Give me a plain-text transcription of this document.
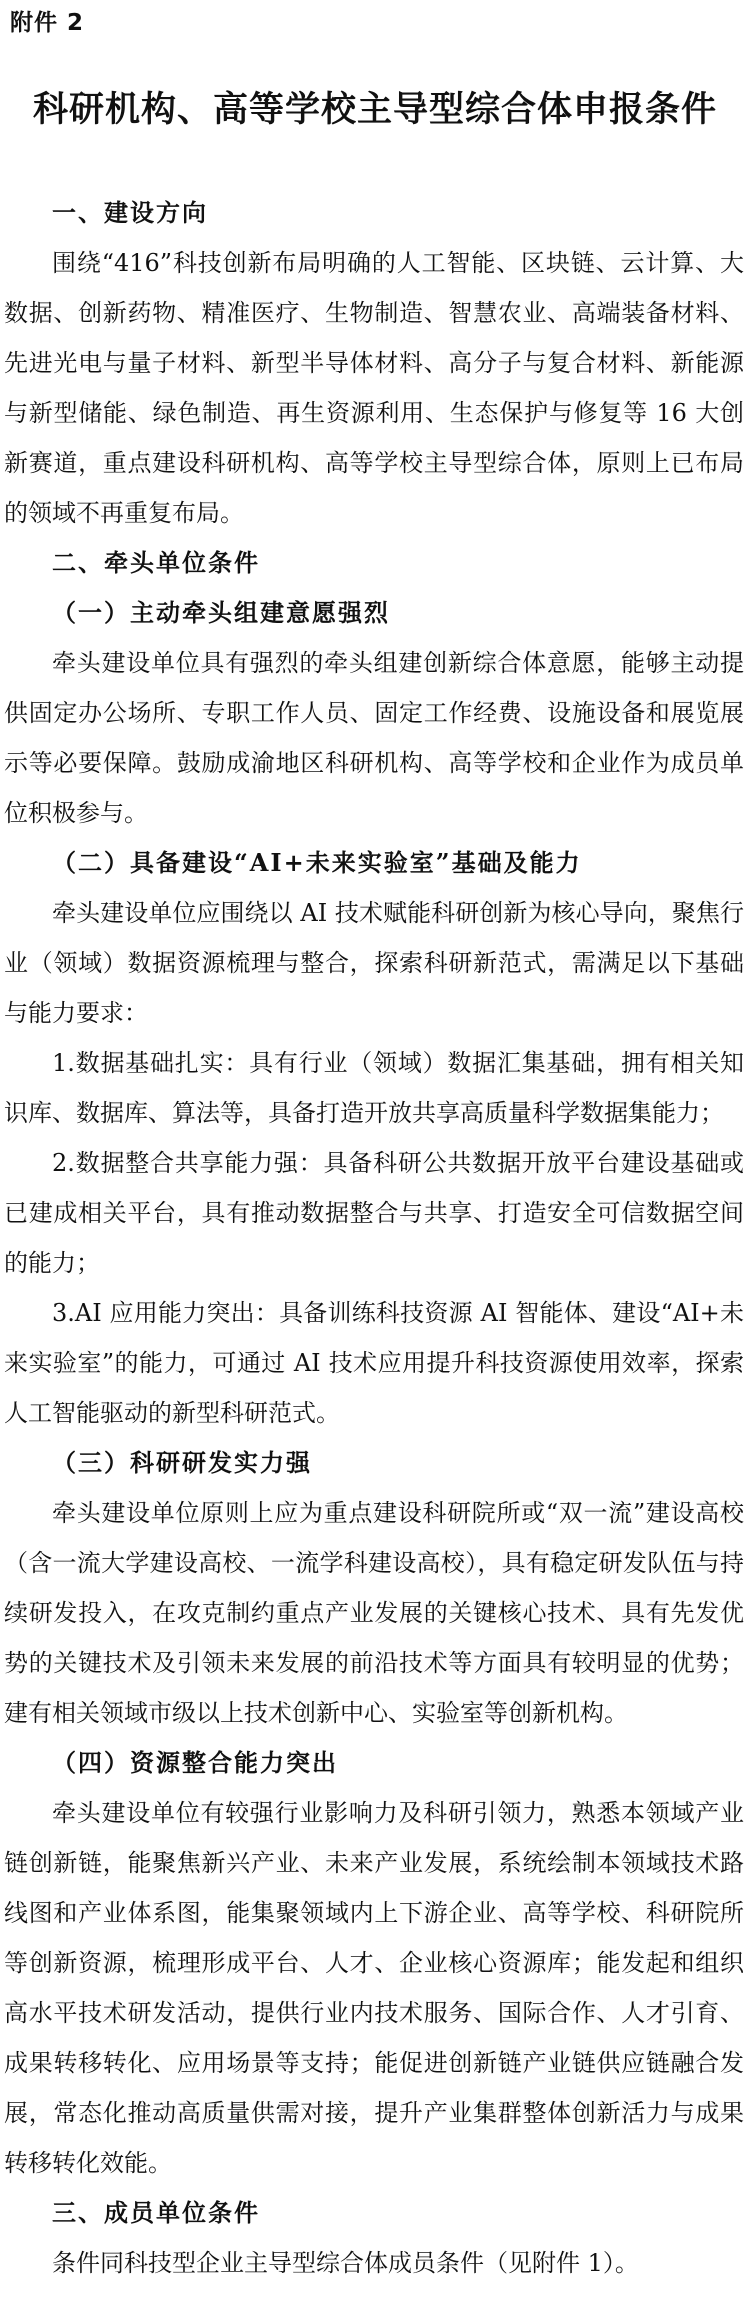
附件 2
科研机构、高等学校主导型综合体申报条件

一、建设方向

围绕“416”科技创新布局明确的人工智能、区块链、云计算、大数据、创新药物、精准医疗、生物制造、智慧农业、高端装备材料、先进光电与量子材料、新型半导体材料、高分子与复合材料、新能源与新型储能、绿色制造、再生资源利用、生态保护与修复等 16 大创新赛道，重点建设科研机构、高等学校主导型综合体，原则上已布局的领域不再重复布局。

二、牵头单位条件

（一）主动牵头组建意愿强烈

牵头建设单位具有强烈的牵头组建创新综合体意愿，能够主动提供固定办公场所、专职工作人员、固定工作经费、设施设备和展览展示等必要保障。鼓励成渝地区科研机构、高等学校和企业作为成员单位积极参与。

（二）具备建设“AI+未来实验室”基础及能力

牵头建设单位应围绕以 AI 技术赋能科研创新为核心导向，聚焦行业（领域）数据资源梳理与整合，探索科研新范式，需满足以下基础与能力要求：

1.数据基础扎实：具有行业（领域）数据汇集基础，拥有相关知识库、数据库、算法等，具备打造开放共享高质量科学数据集能力；

2.数据整合共享能力强：具备科研公共数据开放平台建设基础或已建成相关平台，具有推动数据整合与共享、打造安全可信数据空间的能力；

3.AI 应用能力突出：具备训练科技资源 AI 智能体、建设“AI+未来实验室”的能力，可通过 AI 技术应用提升科技资源使用效率，探索人工智能驱动的新型科研范式。

（三）科研研发实力强

牵头建设单位原则上应为重点建设科研院所或“双一流”建设高校（含一流大学建设高校、一流学科建设高校），具有稳定研发队伍与持续研发投入，在攻克制约重点产业发展的关键核心技术、具有先发优势的关键技术及引领未来发展的前沿技术等方面具有较明显的优势；建有相关领域市级以上技术创新中心、实验室等创新机构。

（四）资源整合能力突出

牵头建设单位有较强行业影响力及科研引领力，熟悉本领域产业链创新链，能聚焦新兴产业、未来产业发展，系统绘制本领域技术路线图和产业体系图，能集聚领域内上下游企业、高等学校、科研院所等创新资源，梳理形成平台、人才、企业核心资源库；能发起和组织高水平技术研发活动，提供行业内技术服务、国际合作、人才引育、成果转移转化、应用场景等支持；能促进创新链产业链供应链融合发展，常态化推动高质量供需对接，提升产业集群整体创新活力与成果转移转化效能。

三、成员单位条件

条件同科技型企业主导型综合体成员条件（见附件 1）。
